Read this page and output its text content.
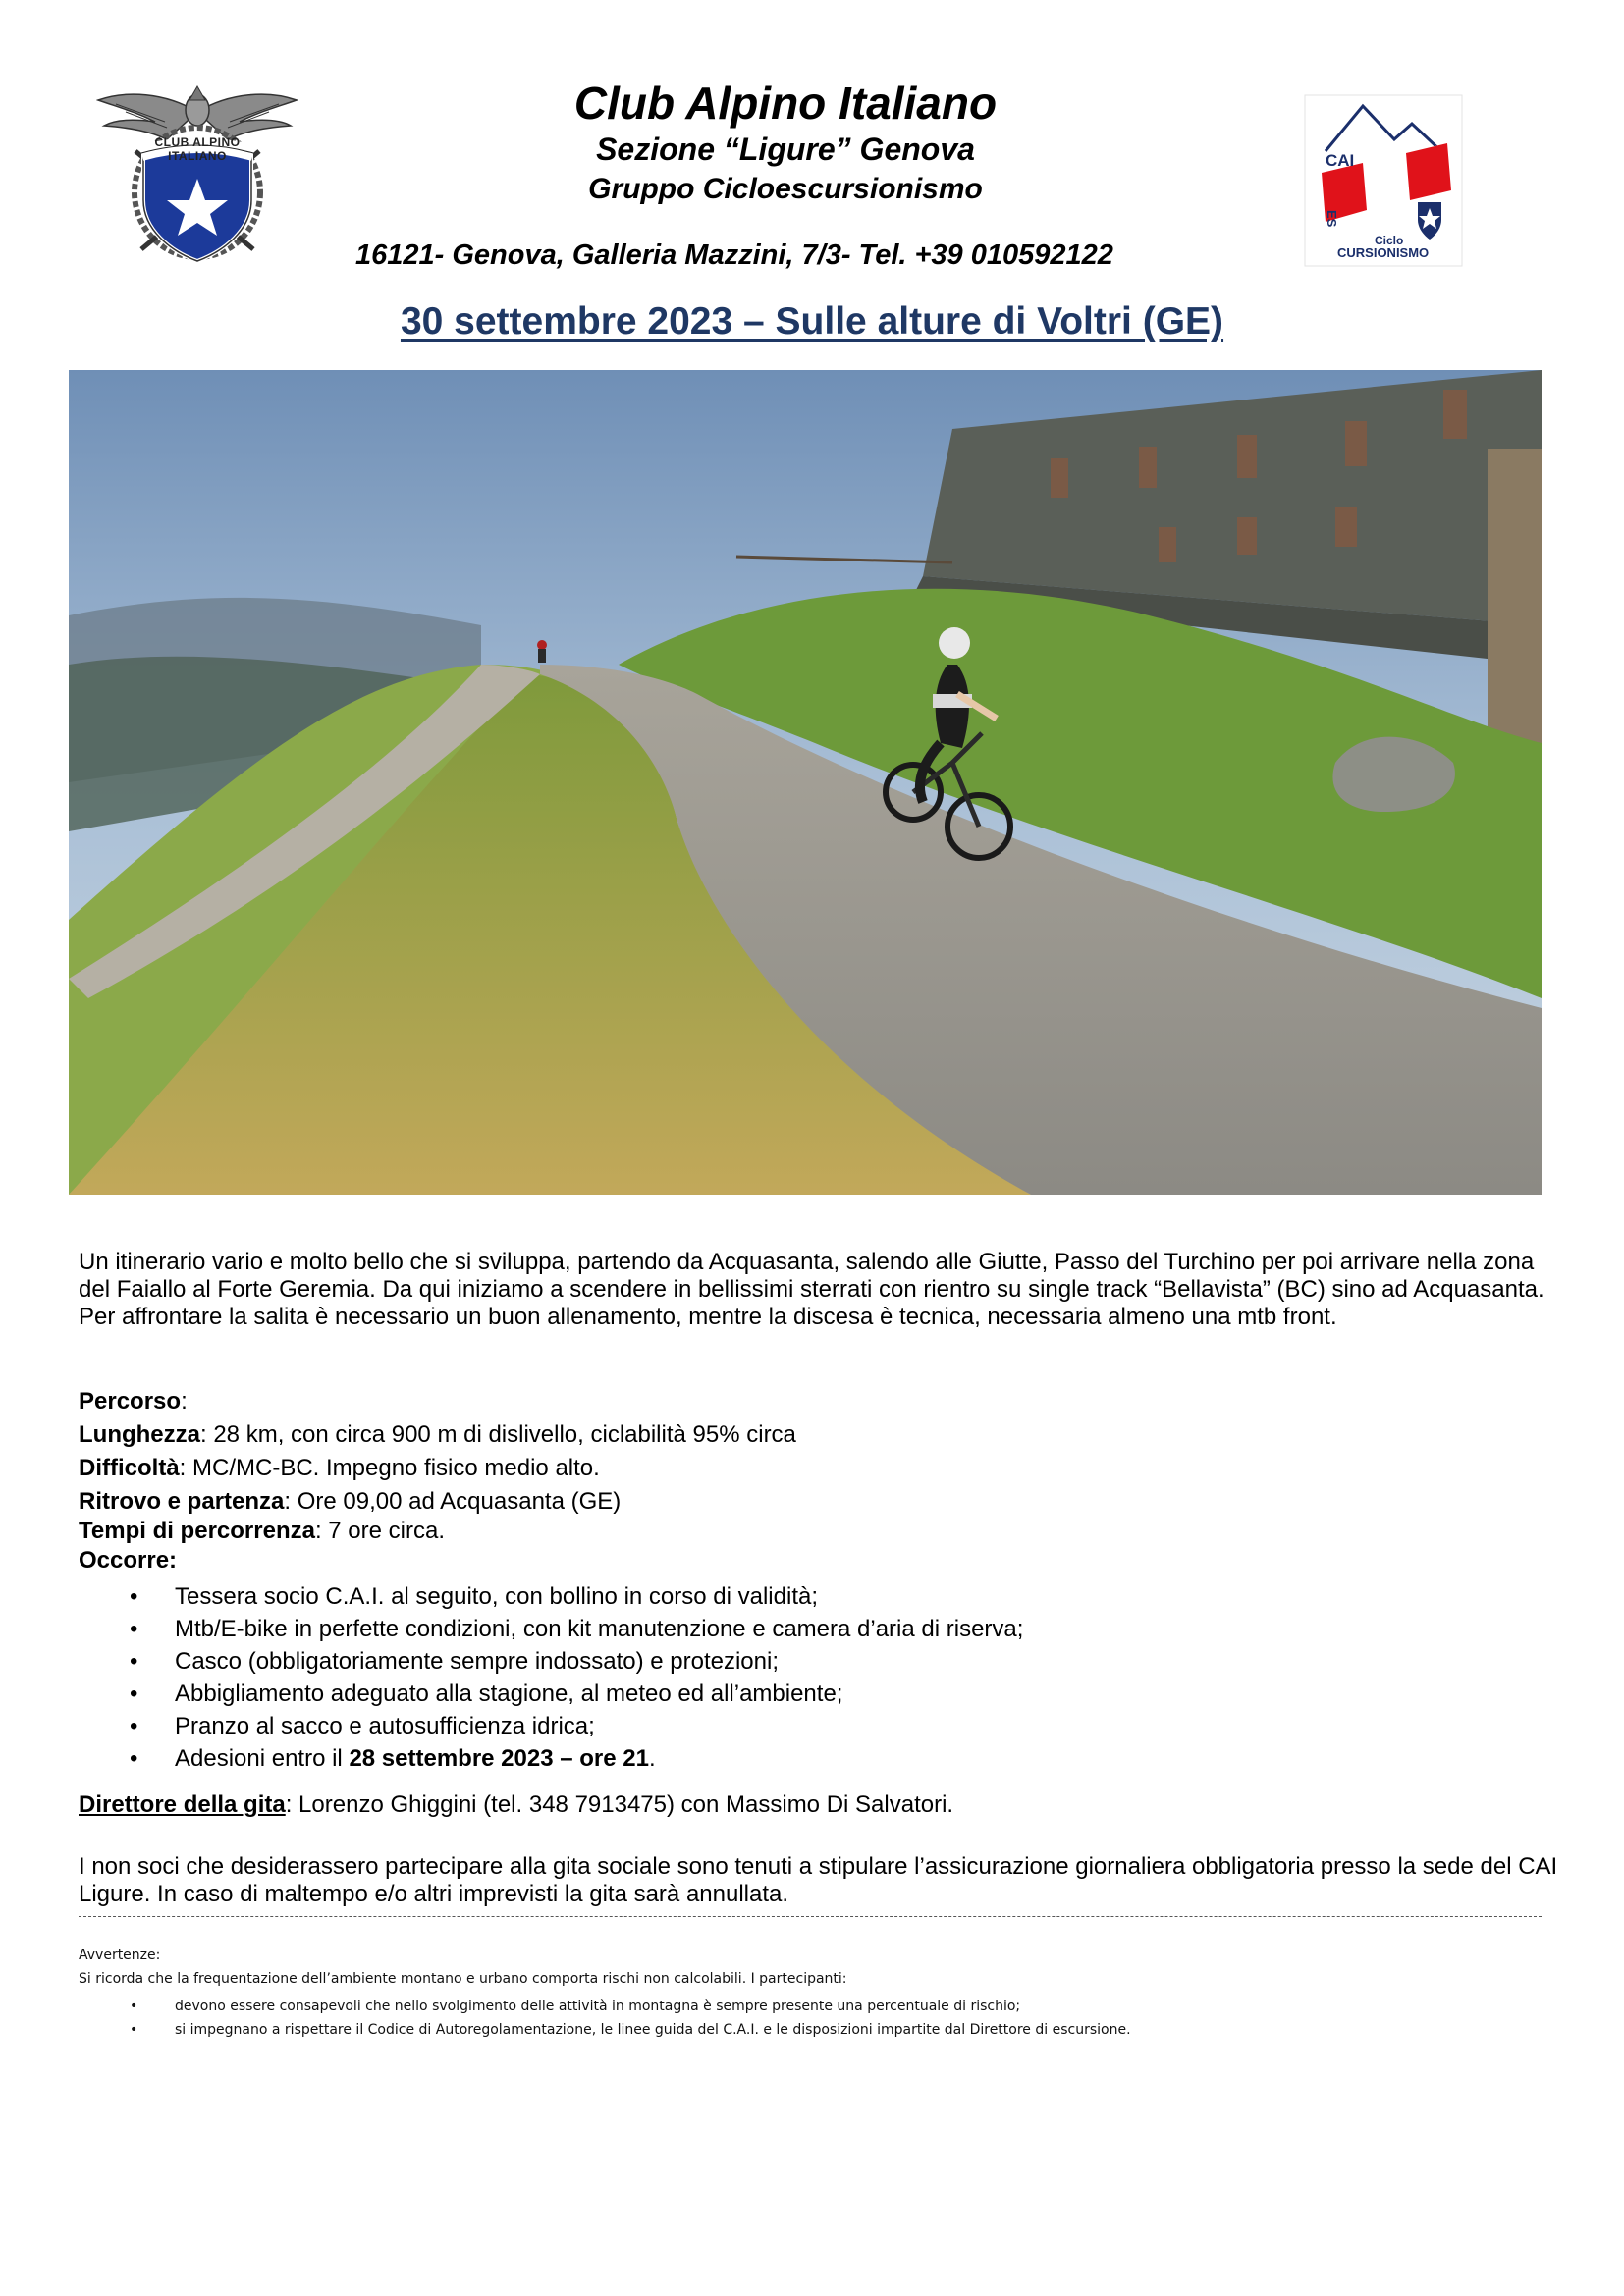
CLUB ALPINO ITALIANO
Club Alpino Italiano
Sezione “Ligure” Genova
Gruppo Cicloescursionismo
16121- Genova, Galleria Mazzini, 7/3- Tel. +39 010592122
CAI
ES
Ciclo
CURSIONISMO
30 settembre 2023 – Sulle alture di Voltri (GE)

Un itinerario vario e molto bello che si sviluppa, partendo da Acquasanta, salendo alle Giutte, Passo del Turchino per poi arrivare nella zona del Faiallo al Forte Geremia. Da qui iniziamo a scendere in bellissimi sterrati con rientro su single track “Bellavista” (BC) sino ad Acquasanta.

Per affrontare la salita è necessario un buon allenamento, mentre la discesa è tecnica, necessaria almeno una mtb front.

Percorso:
Lunghezza: 28 km, con circa 900 m di dislivello, ciclabilità 95% circa
Difficoltà: MC/MC-BC. Impegno fisico medio alto.
Ritrovo e partenza: Ore 09,00 ad Acquasanta (GE)
Tempi di percorrenza: 7 ore circa.
Occorre:
• Tessera socio C.A.I. al seguito, con bollino in corso di validità;
• Mtb/E-bike in perfette condizioni, con kit manutenzione e camera d’aria di riserva;
• Casco (obbligatoriamente sempre indossato) e protezioni;
• Abbigliamento adeguato alla stagione, al meteo ed all’ambiente;
• Pranzo al sacco e autosufficienza idrica;
• Adesioni entro il 28 settembre 2023 – ore 21.
Direttore della gita: Lorenzo Ghiggini (tel. 348 7913475) con Massimo Di Salvatori.
I non soci che desiderassero partecipare alla gita sociale sono tenuti a stipulare l’assicurazione giornaliera obbligatoria presso la sede del CAI Ligure. In caso di maltempo e/o altri imprevisti la gita sarà annullata.
Avvertenze:
Si ricorda che la frequentazione dell’ambiente montano e urbano comporta rischi non calcolabili. I partecipanti:
• devono essere consapevoli che nello svolgimento delle attività in montagna è sempre presente una percentuale di rischio;
• si impegnano a rispettare il Codice di Autoregolamentazione, le linee guida del C.A.I. e le disposizioni impartite dal Direttore di escursione.
